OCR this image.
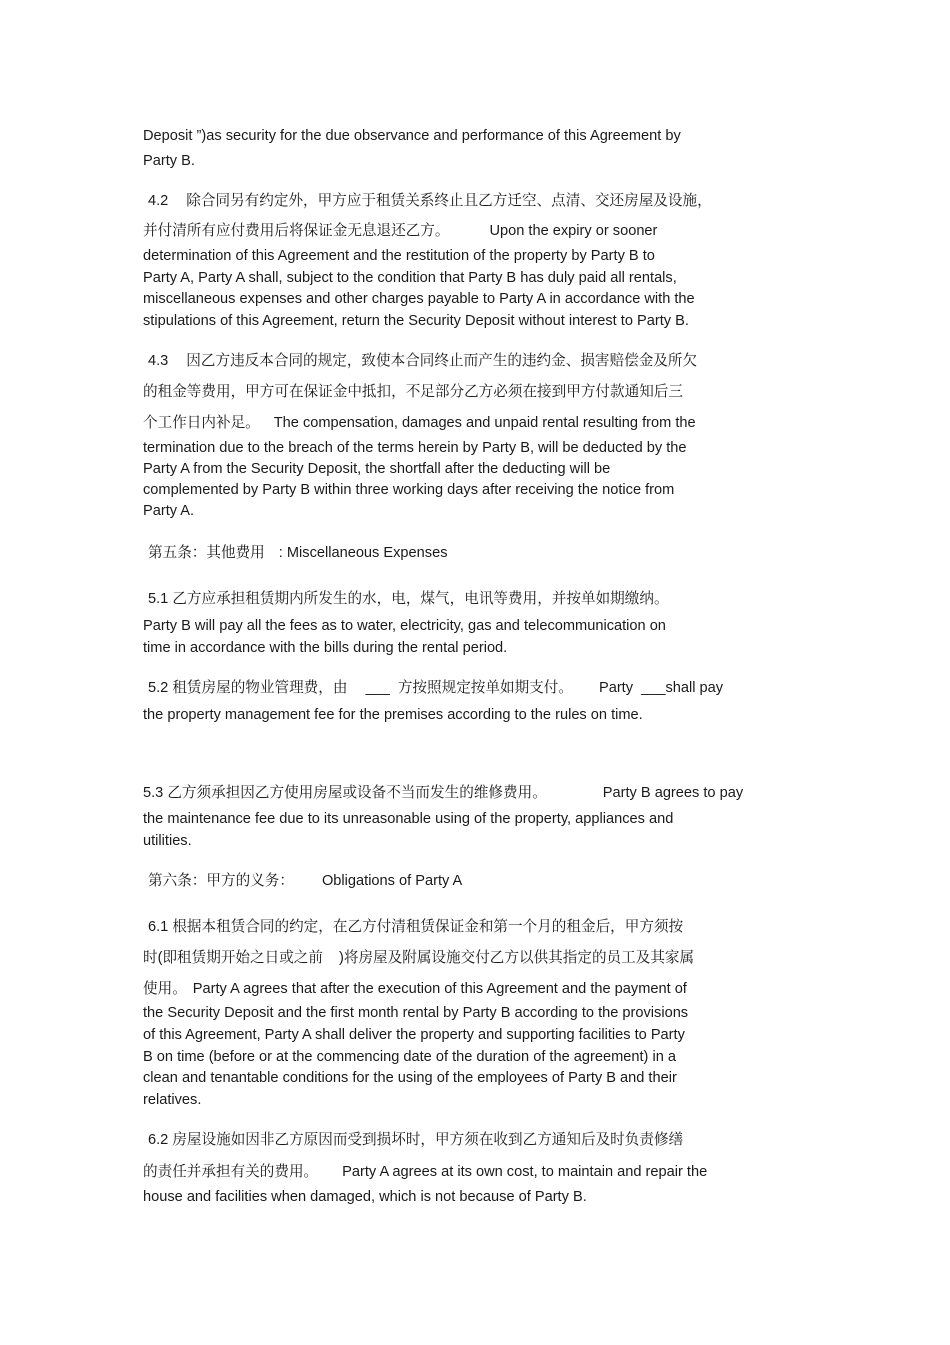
Deposit ”)as security for the due observance and performance of this Agreement by
Party B.
4.2 除合同另有约定外，甲方应于租赁关系终止且乙方迁空、点清、交还房屋及设施，
并付清所有应付费用后将保证金无息退还乙方。	Upon the expiry or sooner
determination of this Agreement and the restitution of the property by Party B to
Party A, Party A shall, subject to the condition that Party B has duly paid all rentals,
miscellaneous expenses and other charges payable to Party A in accordance with the
stipulations of this Agreement, return the Security Deposit without interest to Party B.
4.3 因乙方违反本合同的规定，致使本合同终止而产生的违约金、损害赔偿金及所欠
的租金等费用，甲方可在保证金中抵扣，不足部分乙方必须在接到甲方付款通知后三
个工作日内补足。 The compensation, damages and unpaid rental resulting from the
termination due to the breach of the terms herein by Party B, will be deducted by the
Party A from the Security Deposit, the shortfall after the deducting will be
complemented by Party B within three working days after receiving the notice from
Party A.
第五条：其他费用 : Miscellaneous Expenses
5.1 乙方应承担租赁期内所发生的水，电，煤气，电讯等费用，并按单如期缴纳。
Party B will pay all the fees as to water, electricity, gas and telecommunication on
time in accordance with the bills during the rental period.
5.2 租赁房屋的物业管理费，由 ___ 方按照规定按单如期支付。 Party ___shall pay
the property management fee for the premises according to the rules on time.
5.3 乙方须承担因乙方使用房屋或设备不当而发生的维修费用。	Party B agrees to pay
the maintenance fee due to its unreasonable using of the property, appliances and
utilities.
第六条：甲方的义务： Obligations of Party A
6.1 根据本租赁合同的约定，在乙方付清租赁保证金和第一个月的租金后，甲方须按
时(即租赁期开始之日或之前 )将房屋及附属设施交付乙方以供其指定的员工及其家属
使用。 Party A agrees that after the execution of this Agreement and the payment of
the Security Deposit and the first month rental by Party B according to the provisions
of this Agreement, Party A shall deliver the property and supporting facilities to Party
B on time (before or at the commencing date of the duration of the agreement) in a
clean and tenantable conditions for the using of the employees of Party B and their
relatives.
6.2 房屋设施如因非乙方原因而受到损坏时，甲方须在收到乙方通知后及时负责修缮
的责任并承担有关的费用。 Party A agrees at its own cost, to maintain and repair the
house and facilities when damaged, which is not because of Party B.
